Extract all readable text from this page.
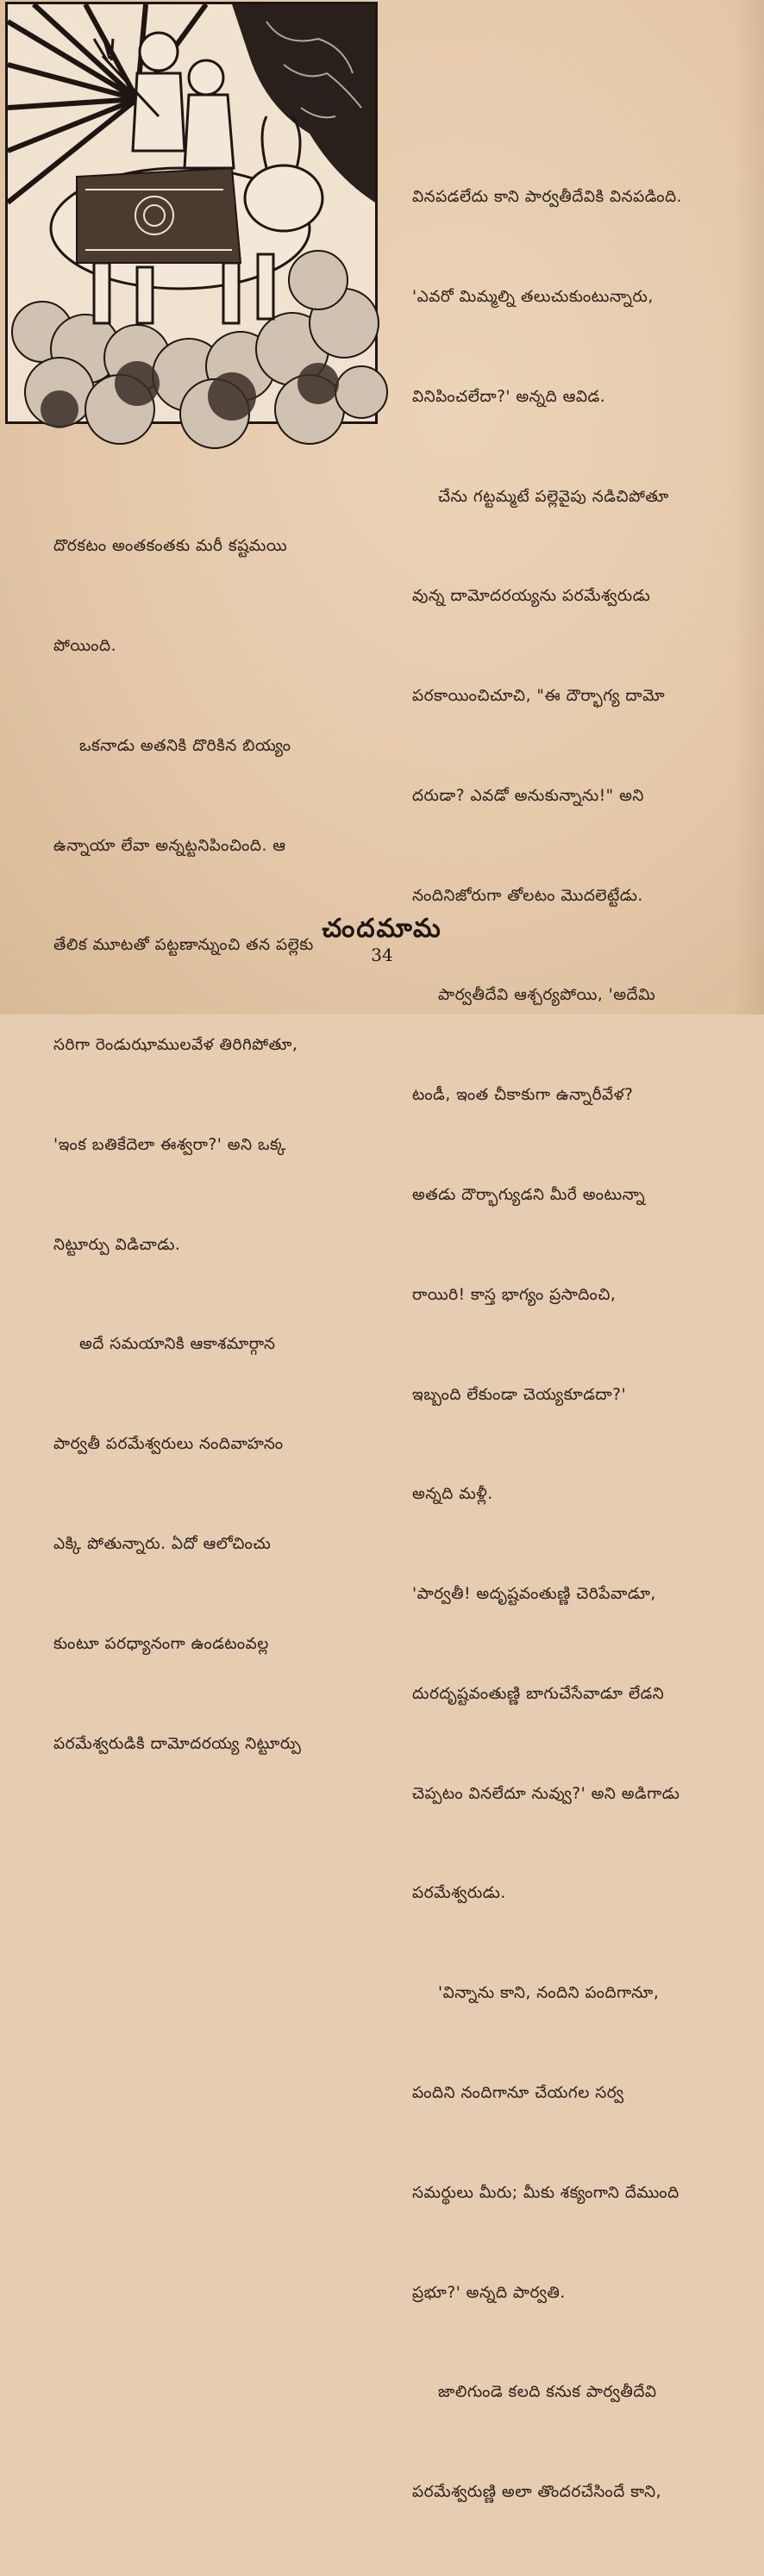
దొరకటం అంతకంతకు మరీ కష్టమయి

పోయింది.

ఒకనాడు అతనికి దొరికిన బియ్యం

ఉన్నాయా లేవా అన్నట్టనిపించింది. ఆ

తేలిక మూటతో పట్టణాన్నుంచి తన పల్లెకు

సరిగా రెండుఝాములవేళ తిరిగిపోతూ,

'ఇంక బతికేదెలా ఈశ్వరా?' అని ఒక్క

నిట్టూర్పు విడిచాడు.

అదే సమయానికి ఆకాశమార్గాన

పార్వతీ పరమేశ్వరులు నందివాహనం

ఎక్కి పోతున్నారు. ఏదో ఆలోచించు

కుంటూ పరధ్యానంగా ఉండటంవల్ల

పరమేశ్వరుడికి దామోదరయ్య నిట్టూర్పు

వినపడలేదు కాని పార్వతీదేవికి వినపడింది.

'ఎవరో మిమ్మల్ని తలుచుకుంటున్నారు,

వినిపించలేదా?' అన్నది ఆవిడ.

చేను గట్టమ్మటే పల్లెవైపు నడిచిపోతూ

వున్న దామోదరయ్యను పరమేశ్వరుడు

పరకాయించిచూచి, "ఈ దౌర్భాగ్య దామో

దరుడా? ఎవడో అనుకున్నాను!" అని

నందినిజోరుగా తోలటం మొదలెట్టేడు.

పార్వతీదేవి ఆశ్చర్యపోయి, 'అదేమి

టండీ, ఇంత చీకాకుగా ఉన్నారీవేళ?

అతడు దౌర్భాగ్యుడని మీరే అంటున్నా

రాయిరి! కాస్త భాగ్యం ప్రసాదించి,

ఇబ్బంది లేకుండా చెయ్యకూడదా?'

అన్నది మళ్లీ.

'పార్వతీ! అదృష్టవంతుణ్ణి చెరిపేవాడూ,

దురదృష్టవంతుణ్ణి బాగుచేసేవాడూ లేడని

చెప్పటం వినలేదూ నువ్వు?' అని అడిగాడు

పరమేశ్వరుడు.

'విన్నాను కాని, నందిని పందిగానూ,

పందిని నందిగానూ చేయగల సర్వ

సమర్థులు మీరు; మీకు శక్యంగాని దేముంది

ప్రభూ?' అన్నది పార్వతి.

జాలిగుండె కలది కనుక పార్వతీదేవి

పరమేశ్వరుణ్ణి అలా తొందరచేసిందే కాని,

చందమామ
34
